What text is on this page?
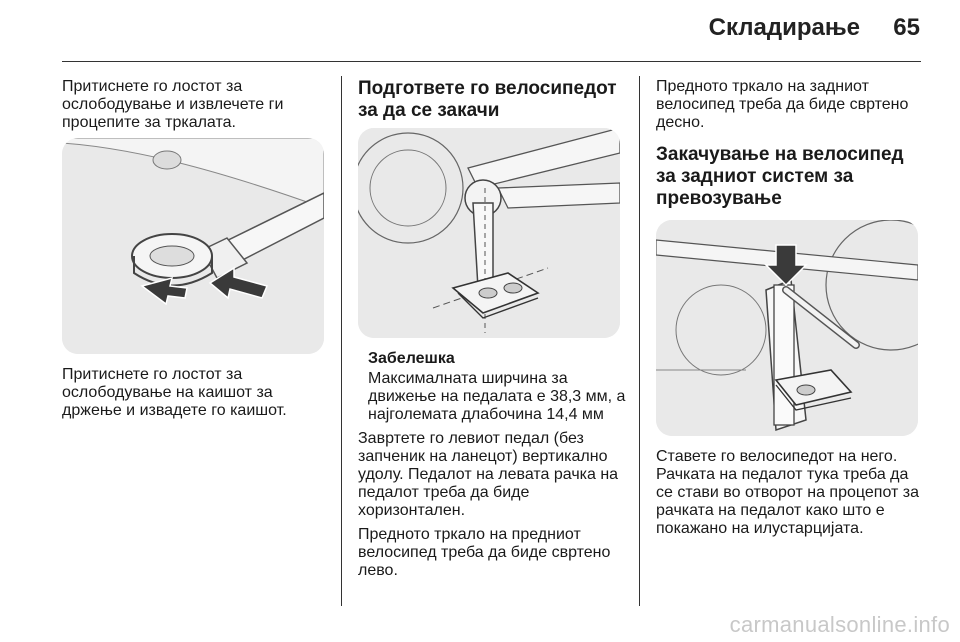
Складирање	65

Притиснете го лостот за ослободување и извлечете ги процепите за тркалата.

Притиснете го лостот за ослободување на каишот за држење и извадете го каишот.

Подгответе го велосипедот за да се закачи
Забелешка

Максималната ширчина за движење на педалата е 38,3 мм, а најголемата длабочина 14,4 мм

Завртете го левиот педал (без запченик на ланецот) вертикално удолу. Педалот на левата рачка на педалот треба да биде хоризонтален.

Предното тркало на предниот велосипед треба да биде свртено лево.

Предното тркало на задниот велосипед треба да биде свртено десно.

Закачување на велосипед за задниот систем за превозување

Ставете го велосипедот на него. Рачката на педалот тука треба да се стави во отворот на процепот за рачката на педалот како што е покажано на илустарцијата.

carmanualsonline.info
